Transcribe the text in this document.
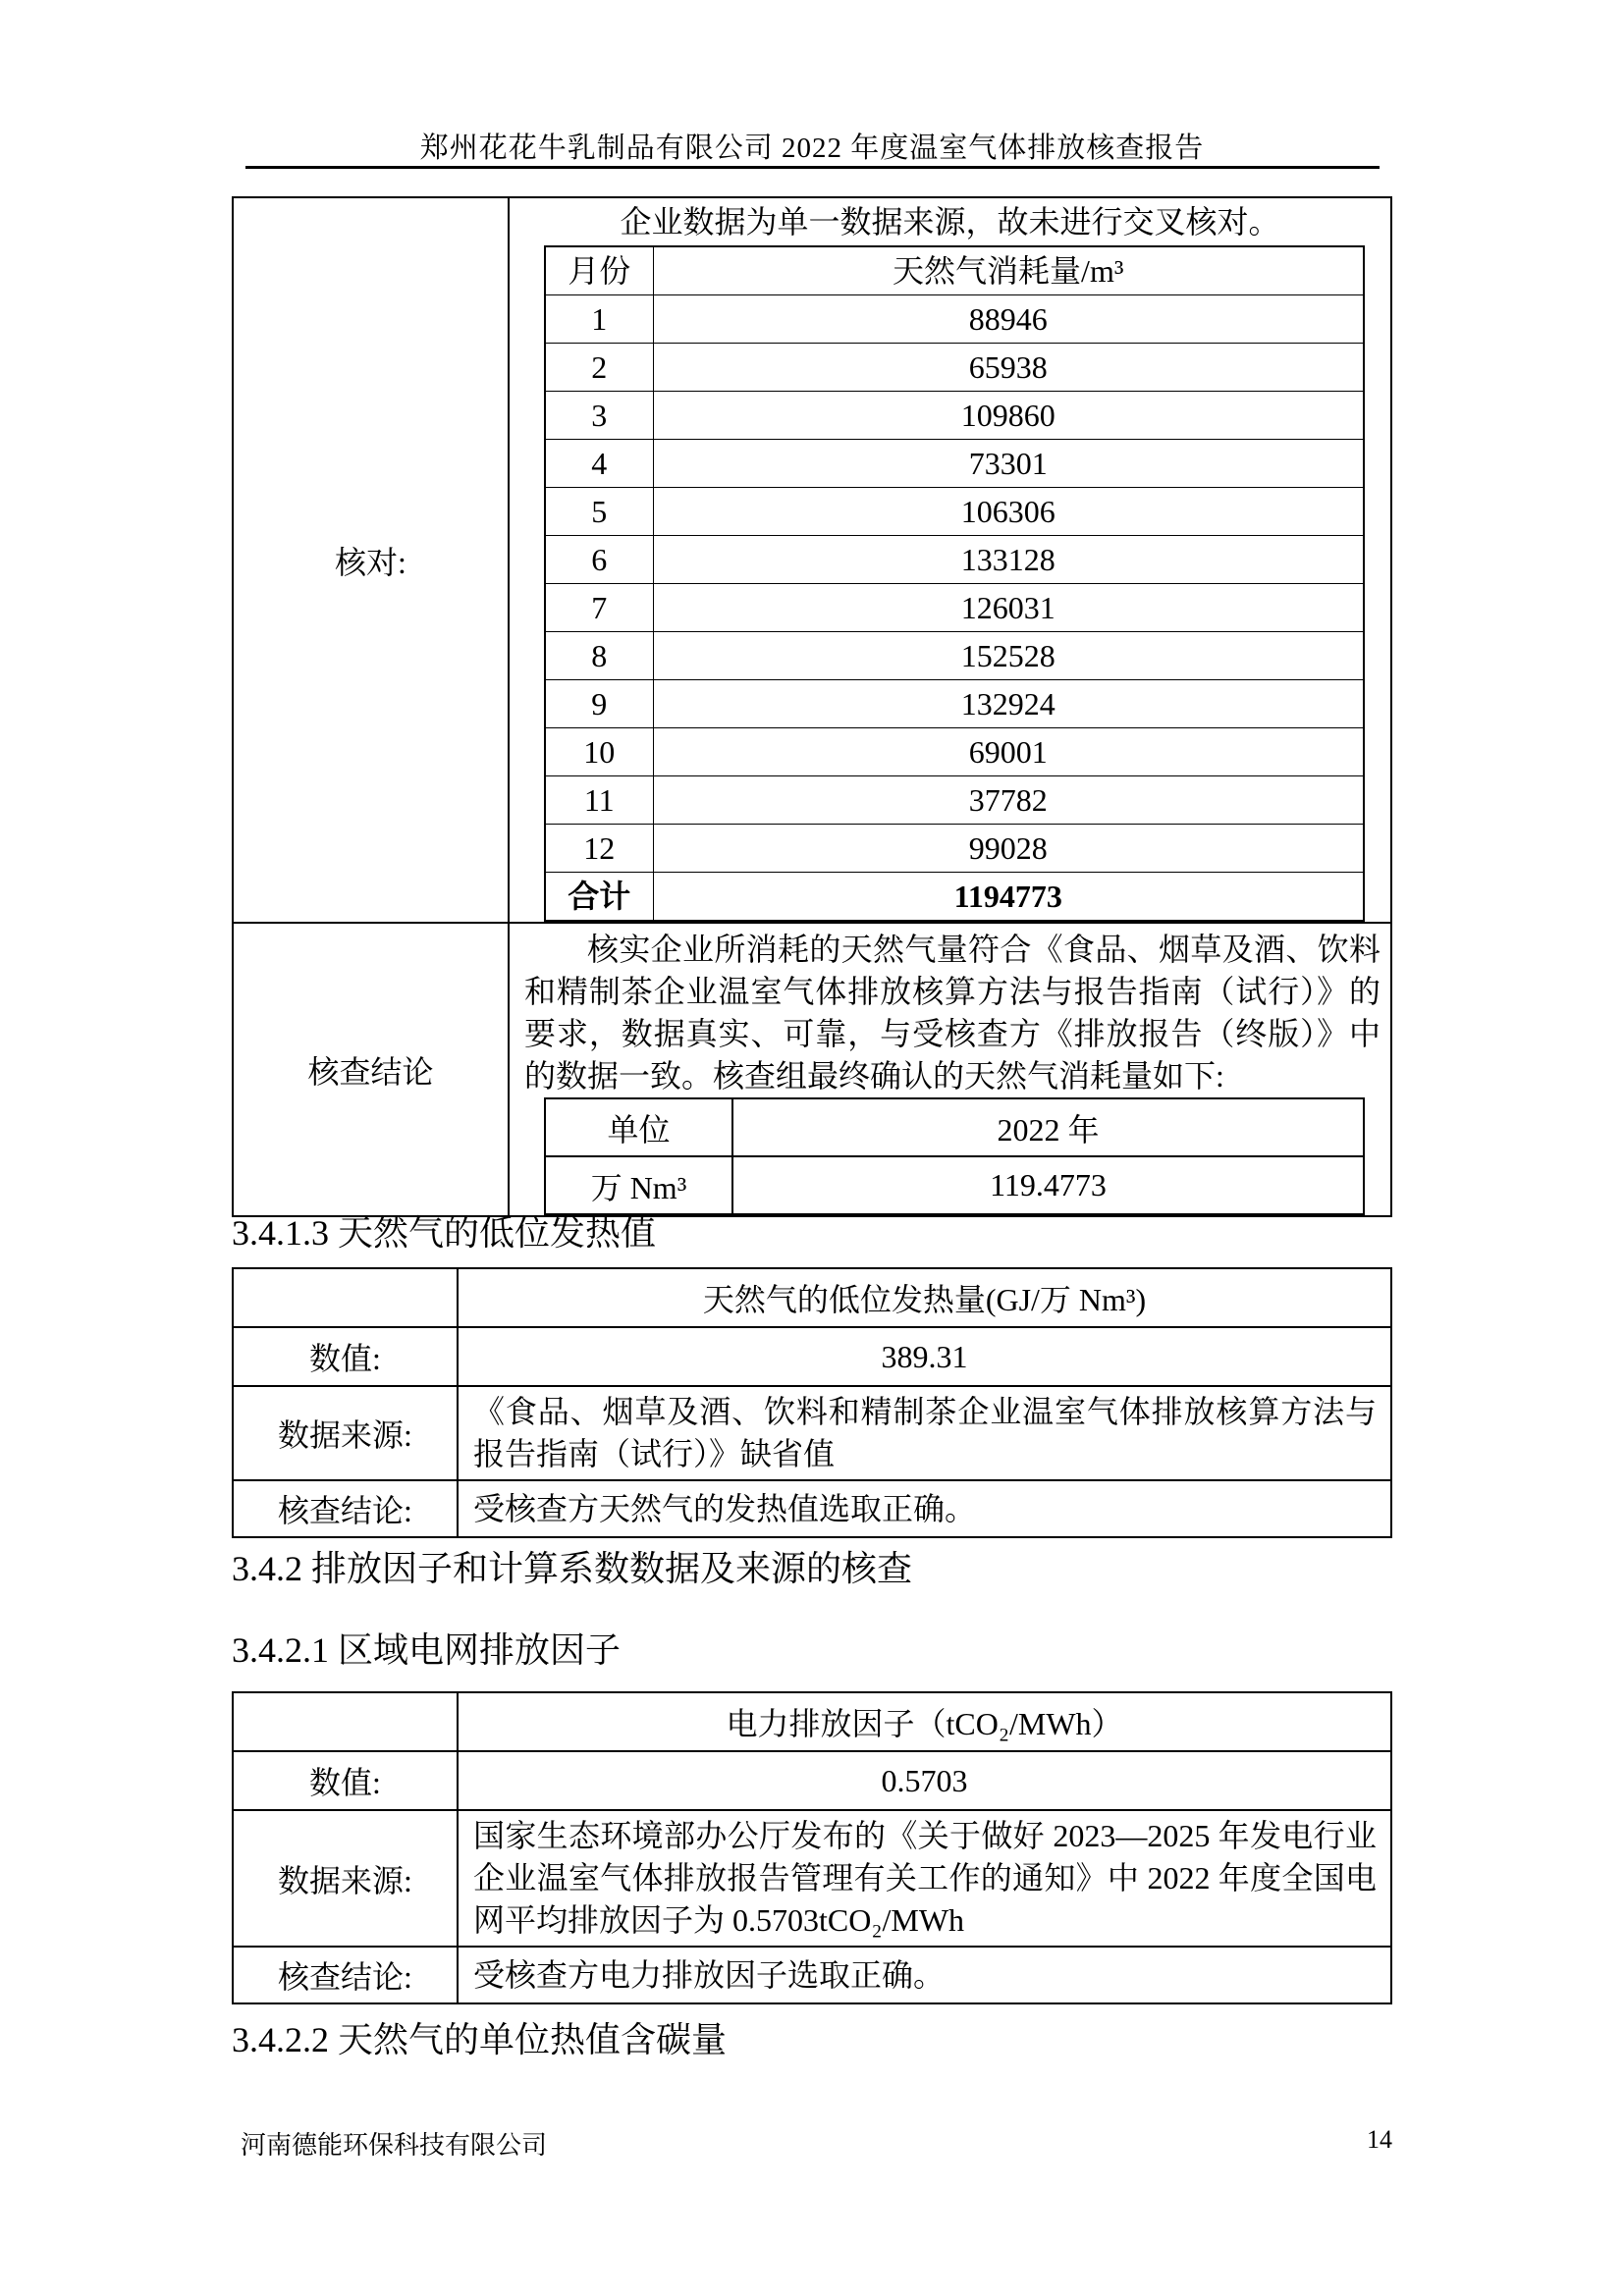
郑州花花牛乳制品有限公司 2022 年度温室气体排放核查报告
核对:	
企业数据为单一数据来源，故未进行交叉核对。
月份	天然气消耗量/m³
1	88946
2	65938
3	109860
4	73301
5	106306
6	133128
7	126031
8	152528
9	132924
10	69001
11	37782
12	99028
合计	1194773

核查结论	
核实企业所消耗的天然气量符合《食品、烟草及酒、饮料和精制茶企业温室气体排放核算方法与报告指南（试行）》的要求，数据真实、可靠，与受核查方《排放报告（终版）》中的数据一致。核查组最终确认的天然气消耗量如下:
单位	2022 年
万 Nm³	119.4773
3.4.1.3 天然气的低位发热值
	天然气的低位发热量(GJ/万 Nm³)
数值:	389.31
数据来源:	《食品、烟草及酒、饮料和精制茶企业温室气体排放核算方法与报告指南（试行）》缺省值
核查结论:	受核查方天然气的发热值选取正确。
3.4.2 排放因子和计算系数数据及来源的核查
3.4.2.1 区域电网排放因子
	电力排放因子（tCO₂/MWh）
数值:	0.5703
数据来源:	国家生态环境部办公厅发布的《关于做好 2023—2025 年发电行业企业温室气体排放报告管理有关工作的通知》中 2022 年度全国电网平均排放因子为 0.5703tCO₂/MWh
核查结论:	受核查方电力排放因子选取正确。
3.4.2.2 天然气的单位热值含碳量
河南德能环保科技有限公司	14
